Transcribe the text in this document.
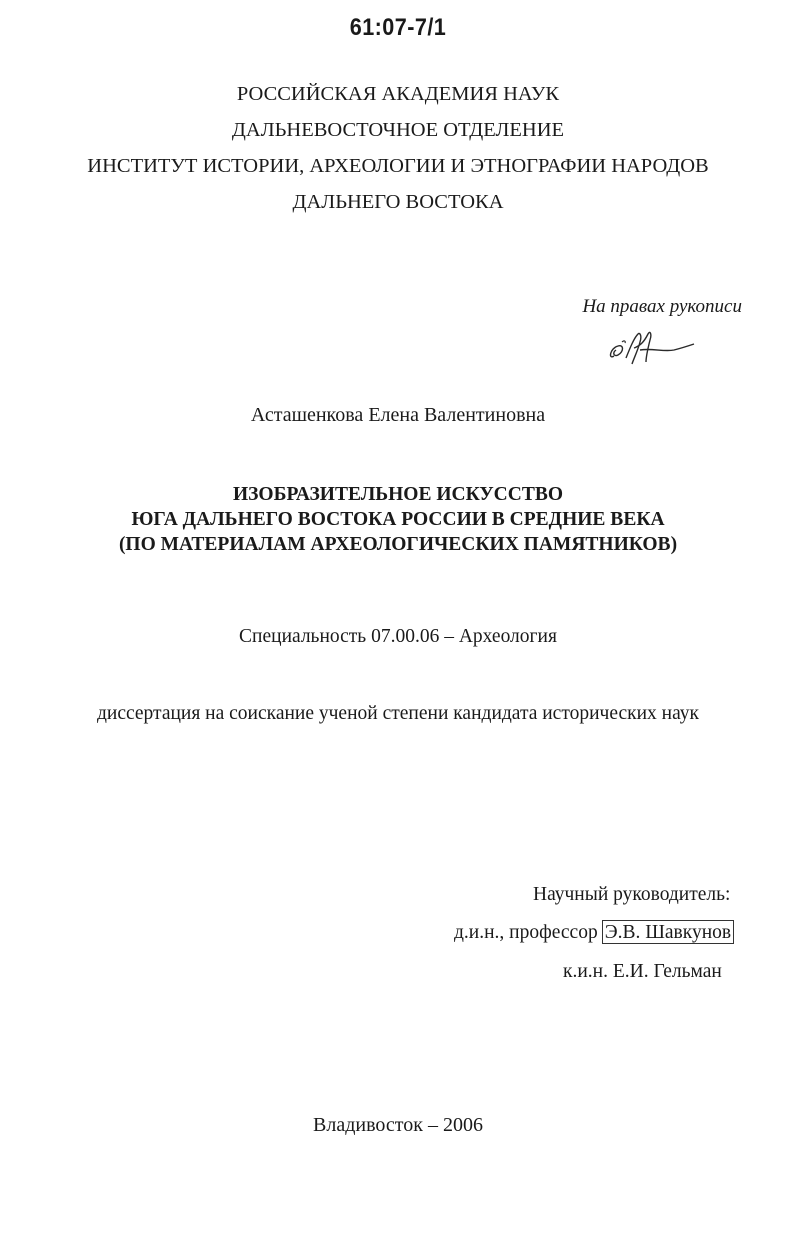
61:07-7/1
РОССИЙСКАЯ АКАДЕМИЯ НАУК
ДАЛЬНЕВОСТОЧНОЕ ОТДЕЛЕНИЕ
ИНСТИТУТ ИСТОРИИ, АРХЕОЛОГИИ И ЭТНОГРАФИИ НАРОДОВ
ДАЛЬНЕГО ВОСТОКА
На правах рукописи
Асташенкова Елена Валентиновна
ИЗОБРАЗИТЕЛЬНОЕ ИСКУССТВО
ЮГА ДАЛЬНЕГО ВОСТОКА РОССИИ В СРЕДНИЕ ВЕКА
(ПО МАТЕРИАЛАМ АРХЕОЛОГИЧЕСКИХ ПАМЯТНИКОВ)
Специальность 07.00.06 – Археология
диссертация на соискание ученой степени кандидата исторических наук
Научный руководитель:
д.и.н., профессор Э.В. Шавкунов
к.и.н. Е.И. Гельман
Владивосток – 2006
